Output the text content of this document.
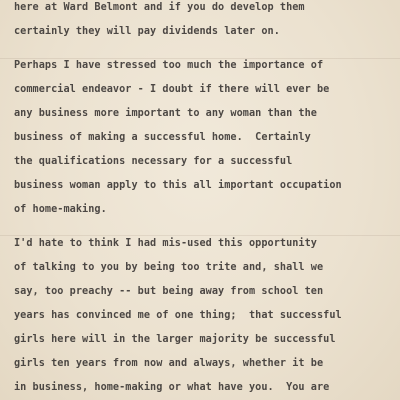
here at Ward Belmont and if you do develop them

certainly they will pay dividends later on.

Perhaps I have stressed too much the importance of

commercial endeavor - I doubt if there will ever be

any business more important to any woman than the

business of making a successful home.  Certainly

the qualifications necessary for a successful

business woman apply to this all important occupation

of home-making.

I'd hate to think I had mis-used this opportunity

of talking to you by being too trite and, shall we

say, too preachy -- but being away from school ten

years has convinced me of one thing;  that successful

girls here will in the larger majority be successful

girls ten years from now and always, whether it be

in business, home-making or what have you.  You are
